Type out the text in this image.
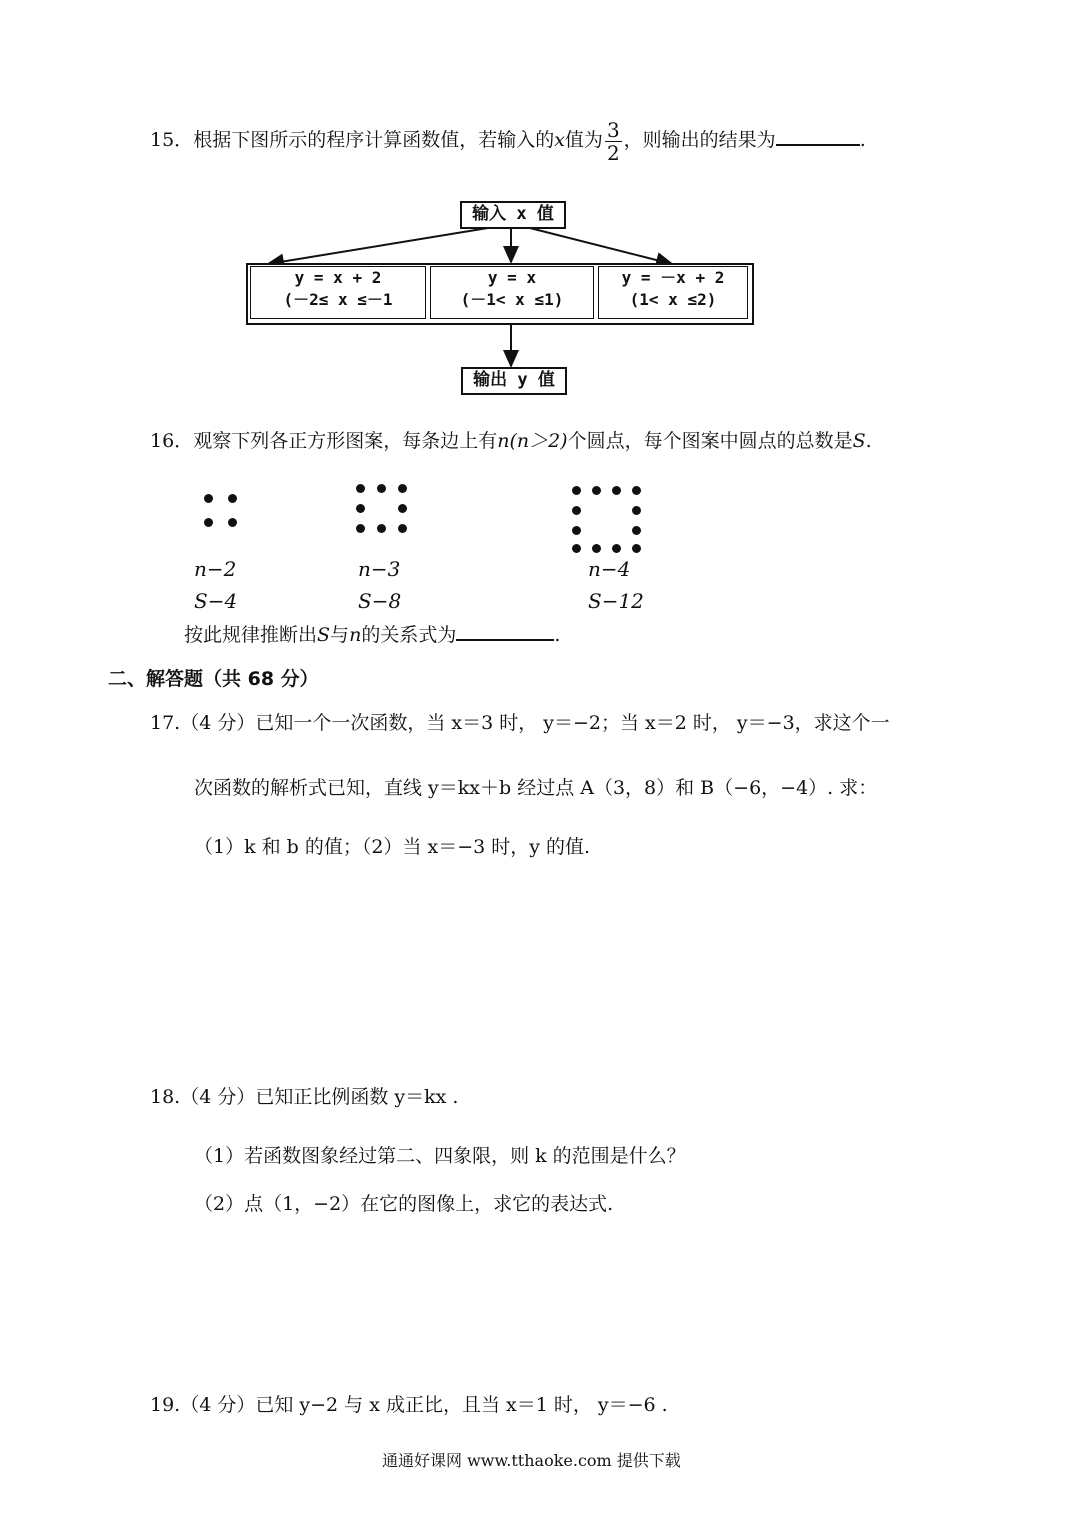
15．根据下图所示的程序计算函数值，若输入的x值为 $\frac{3}{2}$ ，则输出的结果为	.
输入 x 值
y = x + 2
(－2≤ x ≤－1
y = x
(－1< x ≤1)
y = －x + 2
(1< x ≤2)
输出 y 值
16．观察下列各正方形图案，每条边上有n(n＞2)个圆点，每个图案中圆点的总数是S.
n−2
S−4
n−3
S−8
n−4
S−12
按此规律推断出S与n的关系式为	.
二、解答题（共 68 分）
17.（4 分）已知一个一次函数，当 x＝3 时， y＝−2；当 x＝2 时， y＝−3，求这个一
次函数的解析式已知，直线 y＝kx＋b 经过点 A（3，8）和 B（−6，−4）. 求：
（1）k 和 b 的值；（2）当 x＝−3 时，y 的值.
18.（4 分）已知正比例函数 y＝kx .
（1）若函数图象经过第二、四象限，则 k 的范围是什么？
（2）点（1，−2）在它的图像上，求它的表达式.
19.（4 分）已知 y−2 与 x 成正比，且当 x＝1 时， y＝−6 .
通通好课网 www.tthaoke.com 提供下载
